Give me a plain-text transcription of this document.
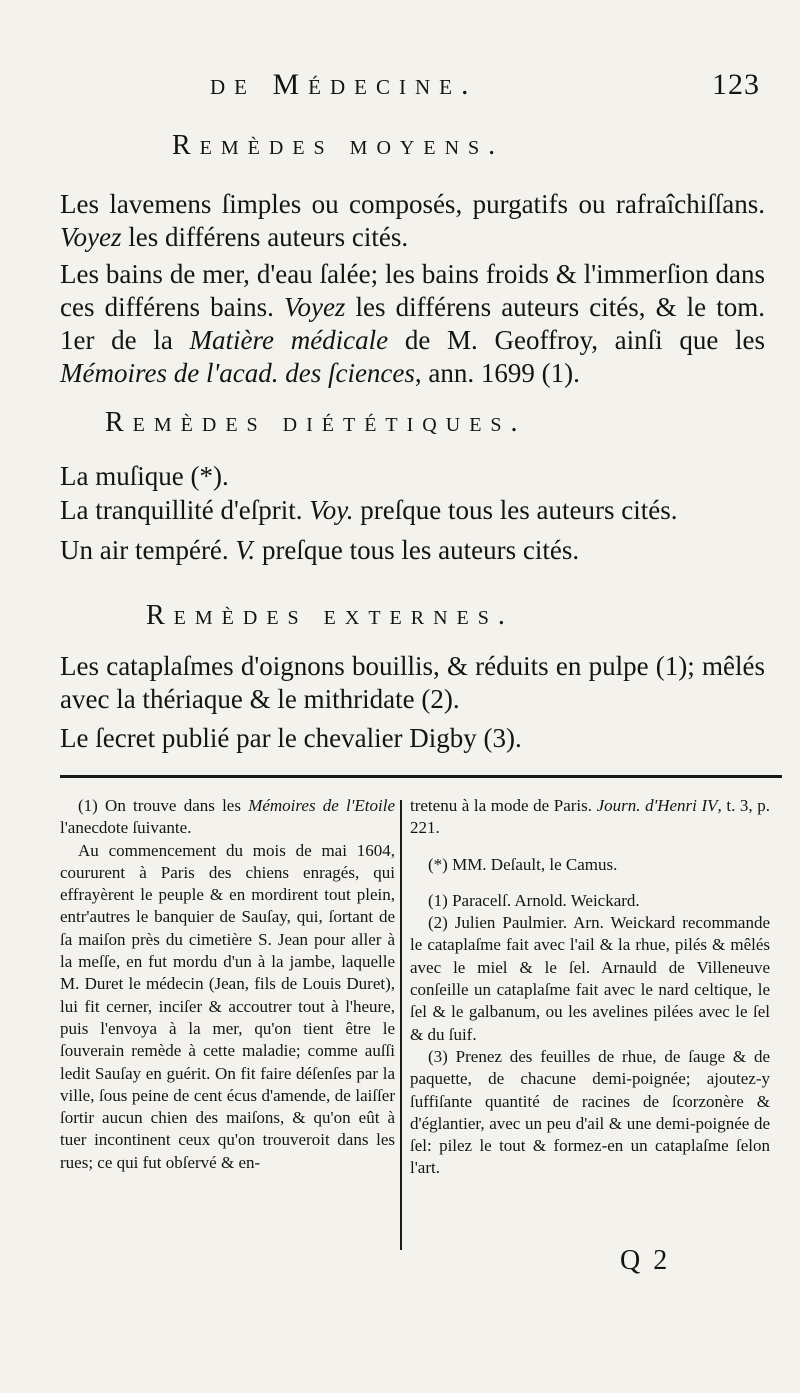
de Médecine.	123
Remèdes moyens.
Les lavemens ſimples ou composés, purgatifs ou rafraîchiſſans. Voyez les différens auteurs cités.
Les bains de mer, d'eau ſalée; les bains froids & l'immerſion dans ces différens bains. Voyez les différens auteurs cités, & le tom. 1er de la Matière médicale de M. Geoffroy, ainſi que les Mémoires de l'acad. des ſciences, ann. 1699 (1).
Remèdes diététiques.
La muſique (*).
La tranquillité d'eſprit. Voy. preſque tous les auteurs cités.
Un air tempéré. V. preſque tous les auteurs cités.
Remèdes externes.
Les cataplaſmes d'oignons bouillis, & réduits en pulpe (1); mêlés avec la thériaque & le mithridate (2).
Le ſecret publié par le chevalier Digby (3).

(1) On trouve dans les Mémoires de l'Etoile l'anecdote ſuivante.

Au commencement du mois de mai 1604, coururent à Paris des chiens enragés, qui effrayèrent le peuple & en mordirent tout plein, entr'autres le banquier de Sauſay, qui, ſortant de ſa maiſon près du cimetière S. Jean pour aller à la meſſe, en fut mordu d'un à la jambe, laquelle M. Duret le médecin (Jean, fils de Louis Duret), lui fit cerner, inciſer & accoutrer tout à l'heure, puis l'envoya à la mer, qu'on tient être le ſouverain remède à cette maladie; comme auſſi ledit Sauſay en guérit. On fit faire déſenſes par la ville, ſous peine de cent écus d'amende, de laiſſer ſortir aucun chien des maiſons, & qu'on eût à tuer incontinent ceux qu'on trouveroit dans les rues; ce qui fut obſervé & en-

tretenu à la mode de Paris. Journ. d'Henri IV, t. 3, p. 221.

(*) MM. Deſault, le Camus.

(1) Paracelſ. Arnold. Weickard.

(2) Julien Paulmier. Arn. Weickard recommande le cataplaſme fait avec l'ail & la rhue, pilés & mêlés avec le miel & le ſel. Arnauld de Villeneuve conſeille un cataplaſme fait avec le nard celtique, le ſel & le galbanum, ou les avelines pilées avec le ſel & du ſuif.

(3) Prenez des feuilles de rhue, de ſauge & de paquette, de chacune demi-poignée; ajoutez-y ſuffiſante quantité de racines de ſcorzonère & d'églantier, avec un peu d'ail & une demi-poignée de ſel: pilez le tout & formez-en un cataplaſme ſelon l'art.

Q 2
